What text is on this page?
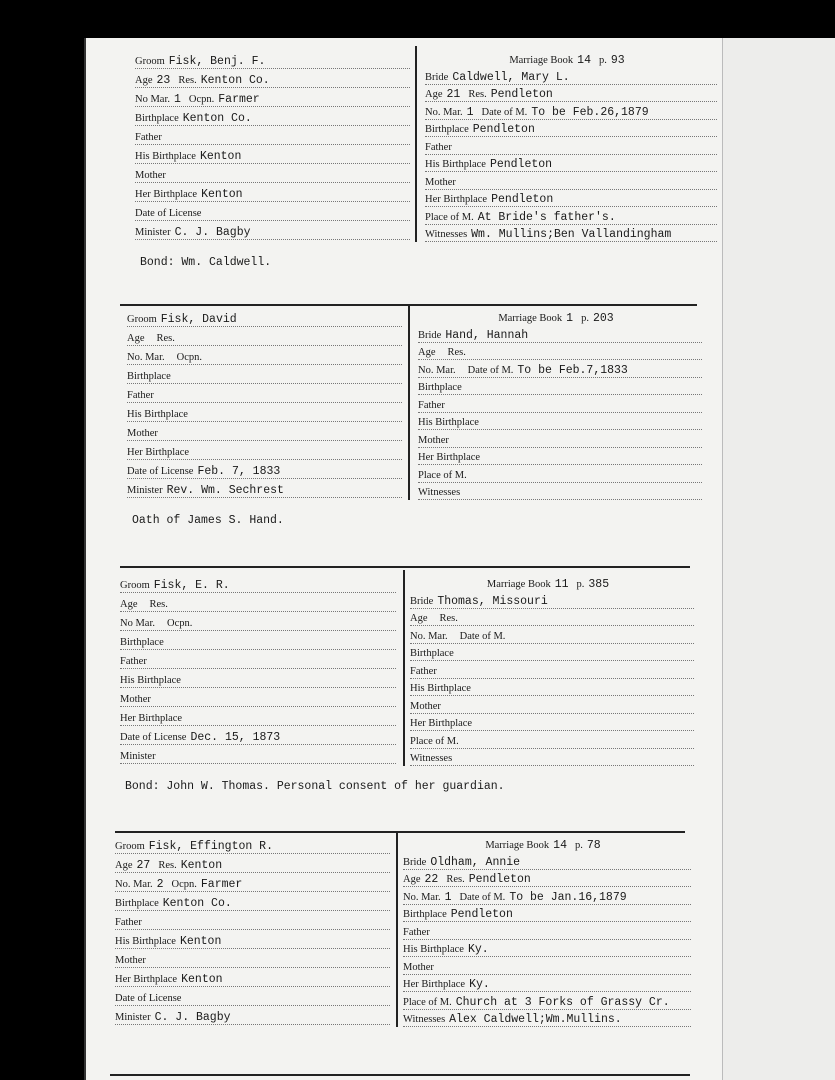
Groom Fisk, Benj. F.
Age 23 Res. Kenton Co.
No Mar. 1 Ocpn. Farmer
Birthplace Kenton Co.
Father
His Birthplace Kenton
Mother
Her Birthplace Kenton
Date of License
Minister C. J. Bagby
Marriage Book 14 p. 93
Bride Caldwell, Mary L.
Age 21 Res. Pendleton
No. Mar. 1 Date of M. To be Feb.26,1879
Birthplace Pendleton
Father
His Birthplace Pendleton
Mother
Her Birthplace Pendleton
Place of M. At Bride's father's.
Witnesses Wm. Mullins;Ben Vallandingham
Bond: Wm. Caldwell.
Groom Fisk, David
Age Res.
No. Mar. Ocpn.
Birthplace
Father
His Birthplace
Mother
Her Birthplace
Date of License Feb. 7, 1833
Minister Rev. Wm. Sechrest
Marriage Book 1 p. 203
Bride Hand, Hannah
Age Res.
No. Mar. Date of M. To be Feb.7,1833
Birthplace
Father
His Birthplace
Mother
Her Birthplace
Place of M.
Witnesses
Oath of James S. Hand.
Groom Fisk, E. R.
Age Res.
No Mar. Ocpn.
Birthplace
Father
His Birthplace
Mother
Her Birthplace
Date of License Dec. 15, 1873
Minister
Marriage Book 11 p. 385
Bride Thomas, Missouri
Age Res.
No. Mar. Date of M.
Birthplace
Father
His Birthplace
Mother
Her Birthplace
Place of M.
Witnesses
Bond: John W. Thomas. Personal consent of her guardian.
Groom Fisk, Effington R.
Age 27 Res. Kenton
No. Mar. 2 Ocpn. Farmer
Birthplace Kenton Co.
Father
His Birthplace Kenton
Mother
Her Birthplace Kenton
Date of License
Minister C. J. Bagby
Marriage Book 14 p. 78
Bride Oldham, Annie
Age 22 Res. Pendleton
No. Mar. 1 Date of M. To be Jan.16,1879
Birthplace Pendleton
Father
His Birthplace Ky.
Mother
Her Birthplace Ky.
Place of M. Church at 3 Forks of Grassy Cr.
Witnesses Alex Caldwell;Wm.Mullins.
